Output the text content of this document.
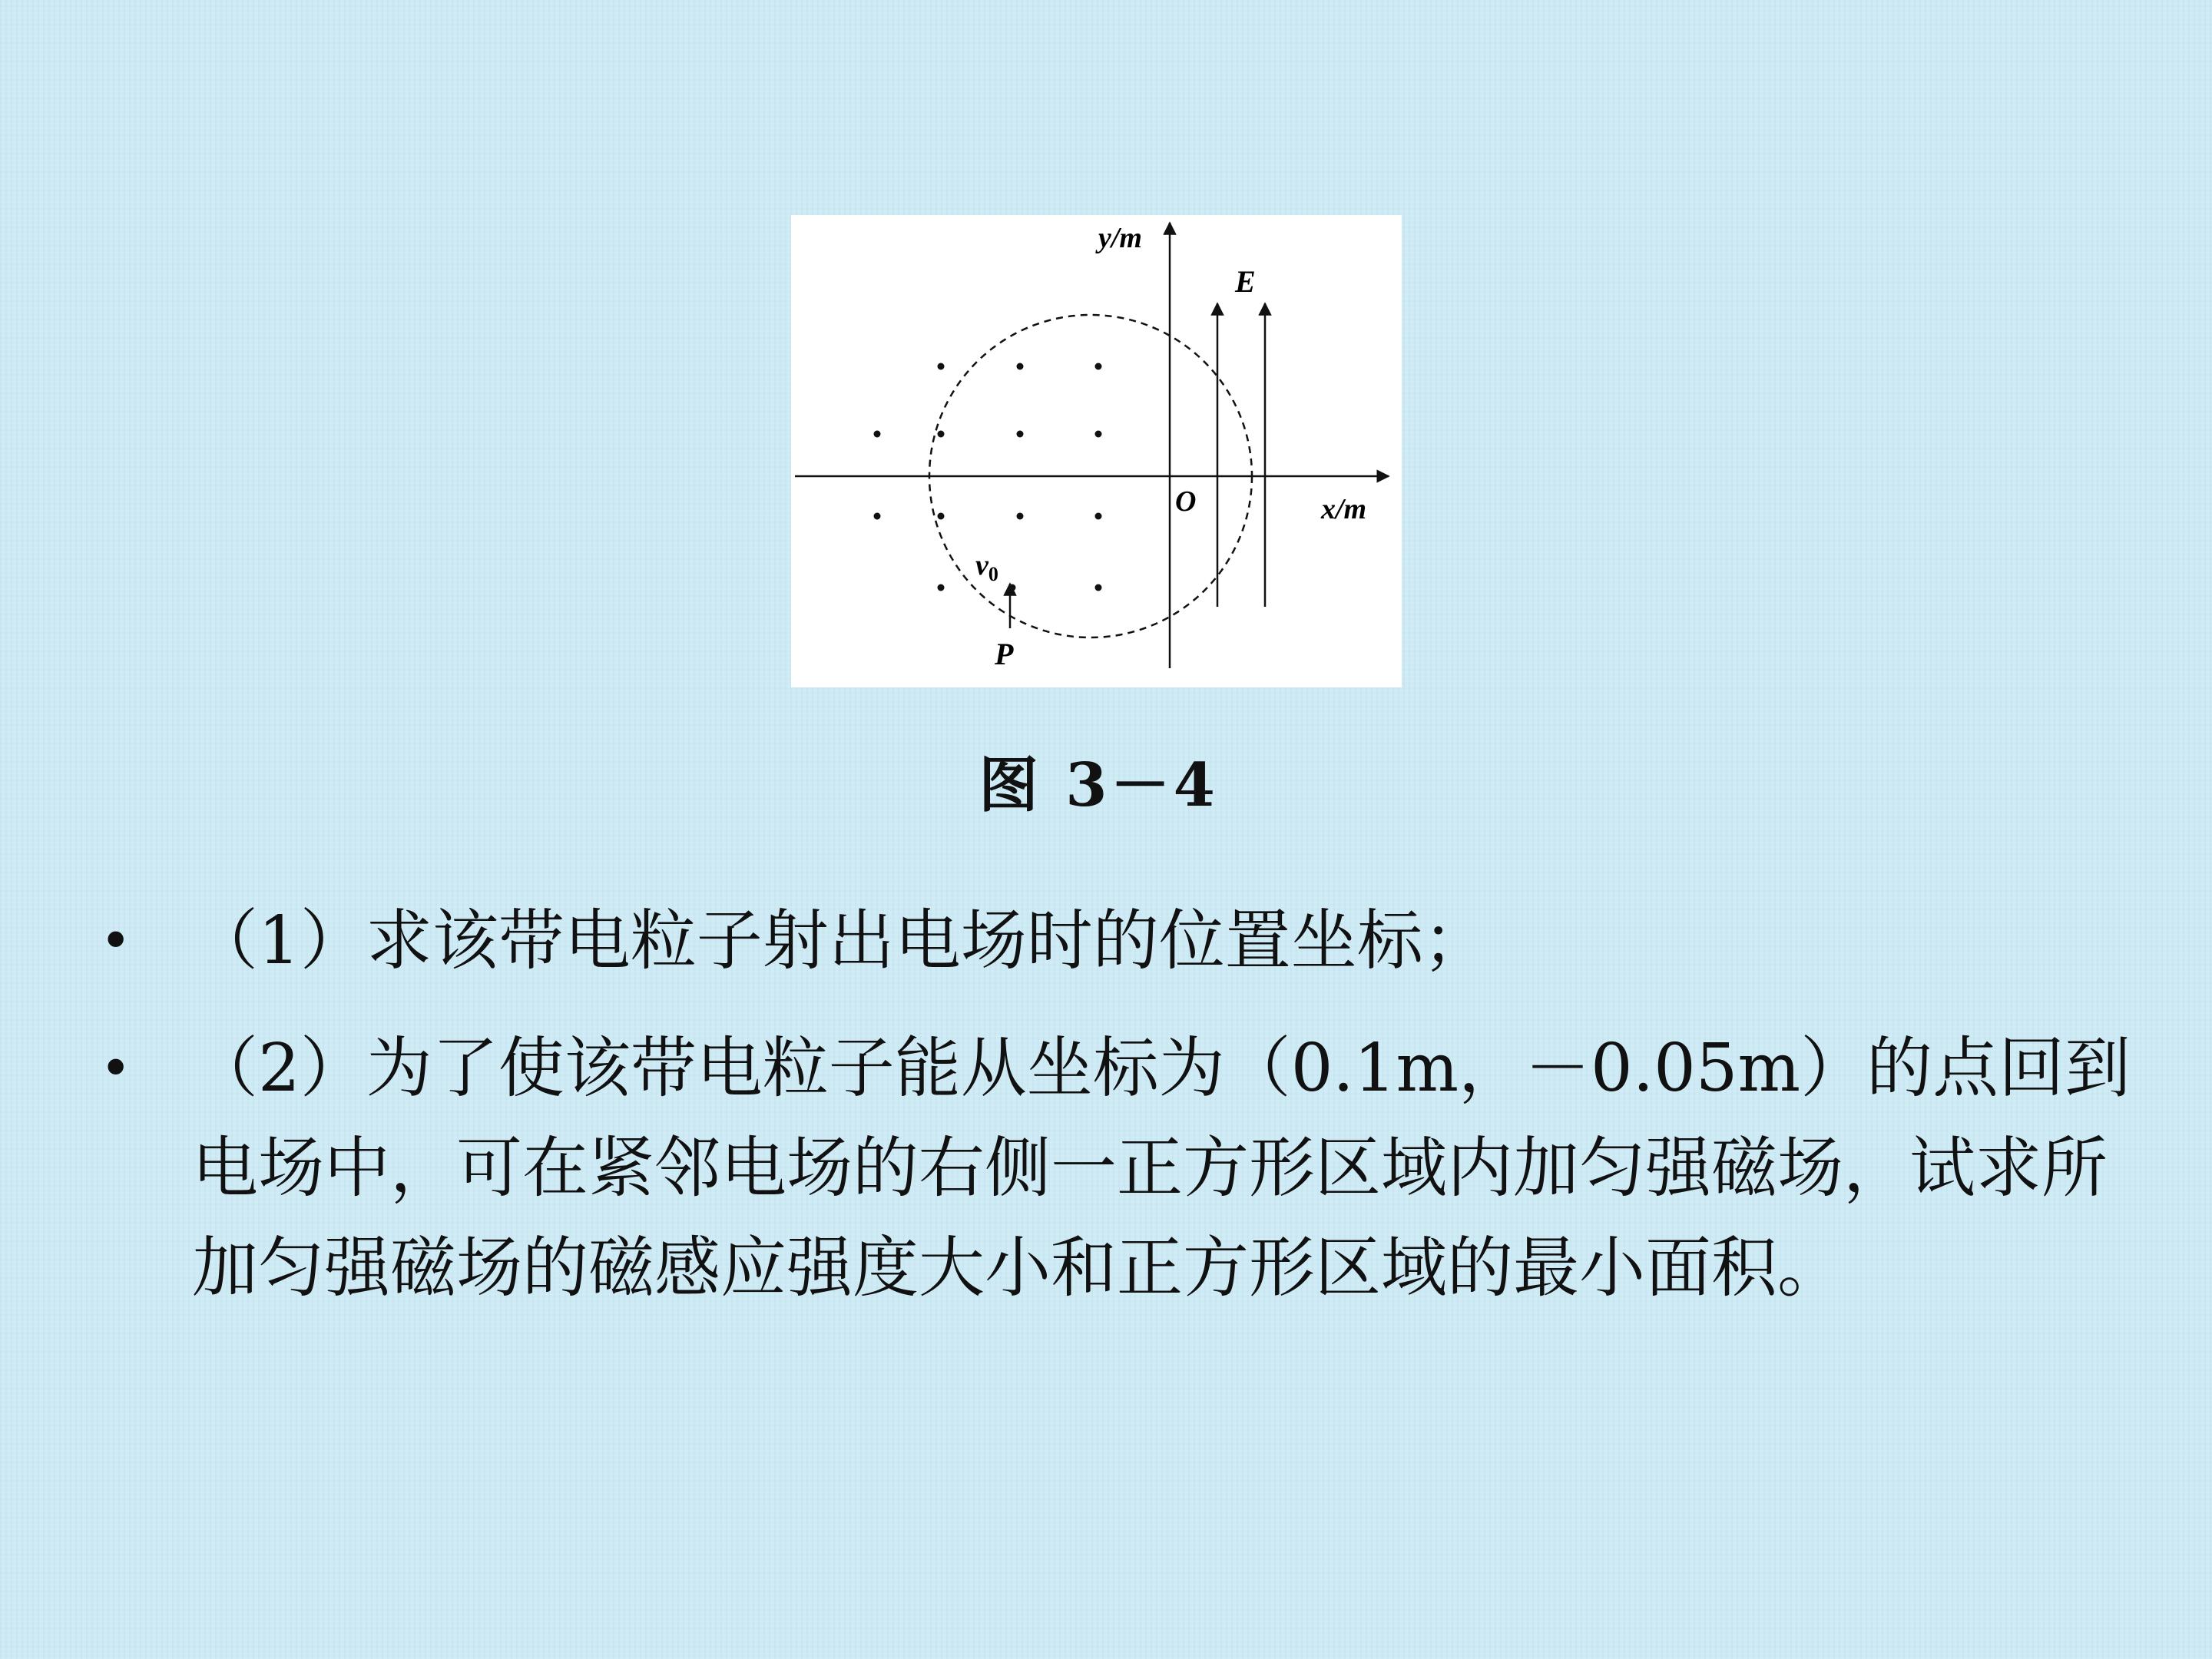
y/m
E
O	x/m
$v_0$
P
图 3－4
• （1）求该带电粒子射出电场时的位置坐标；
• （2）为了使该带电粒子能从坐标为（0.1m，－0.05m）的点回到电场中，可在紧邻电场的右侧一正方形区域内加匀强磁场，试求所加匀强磁场的磁感应强度大小和正方形区域的最小面积。
